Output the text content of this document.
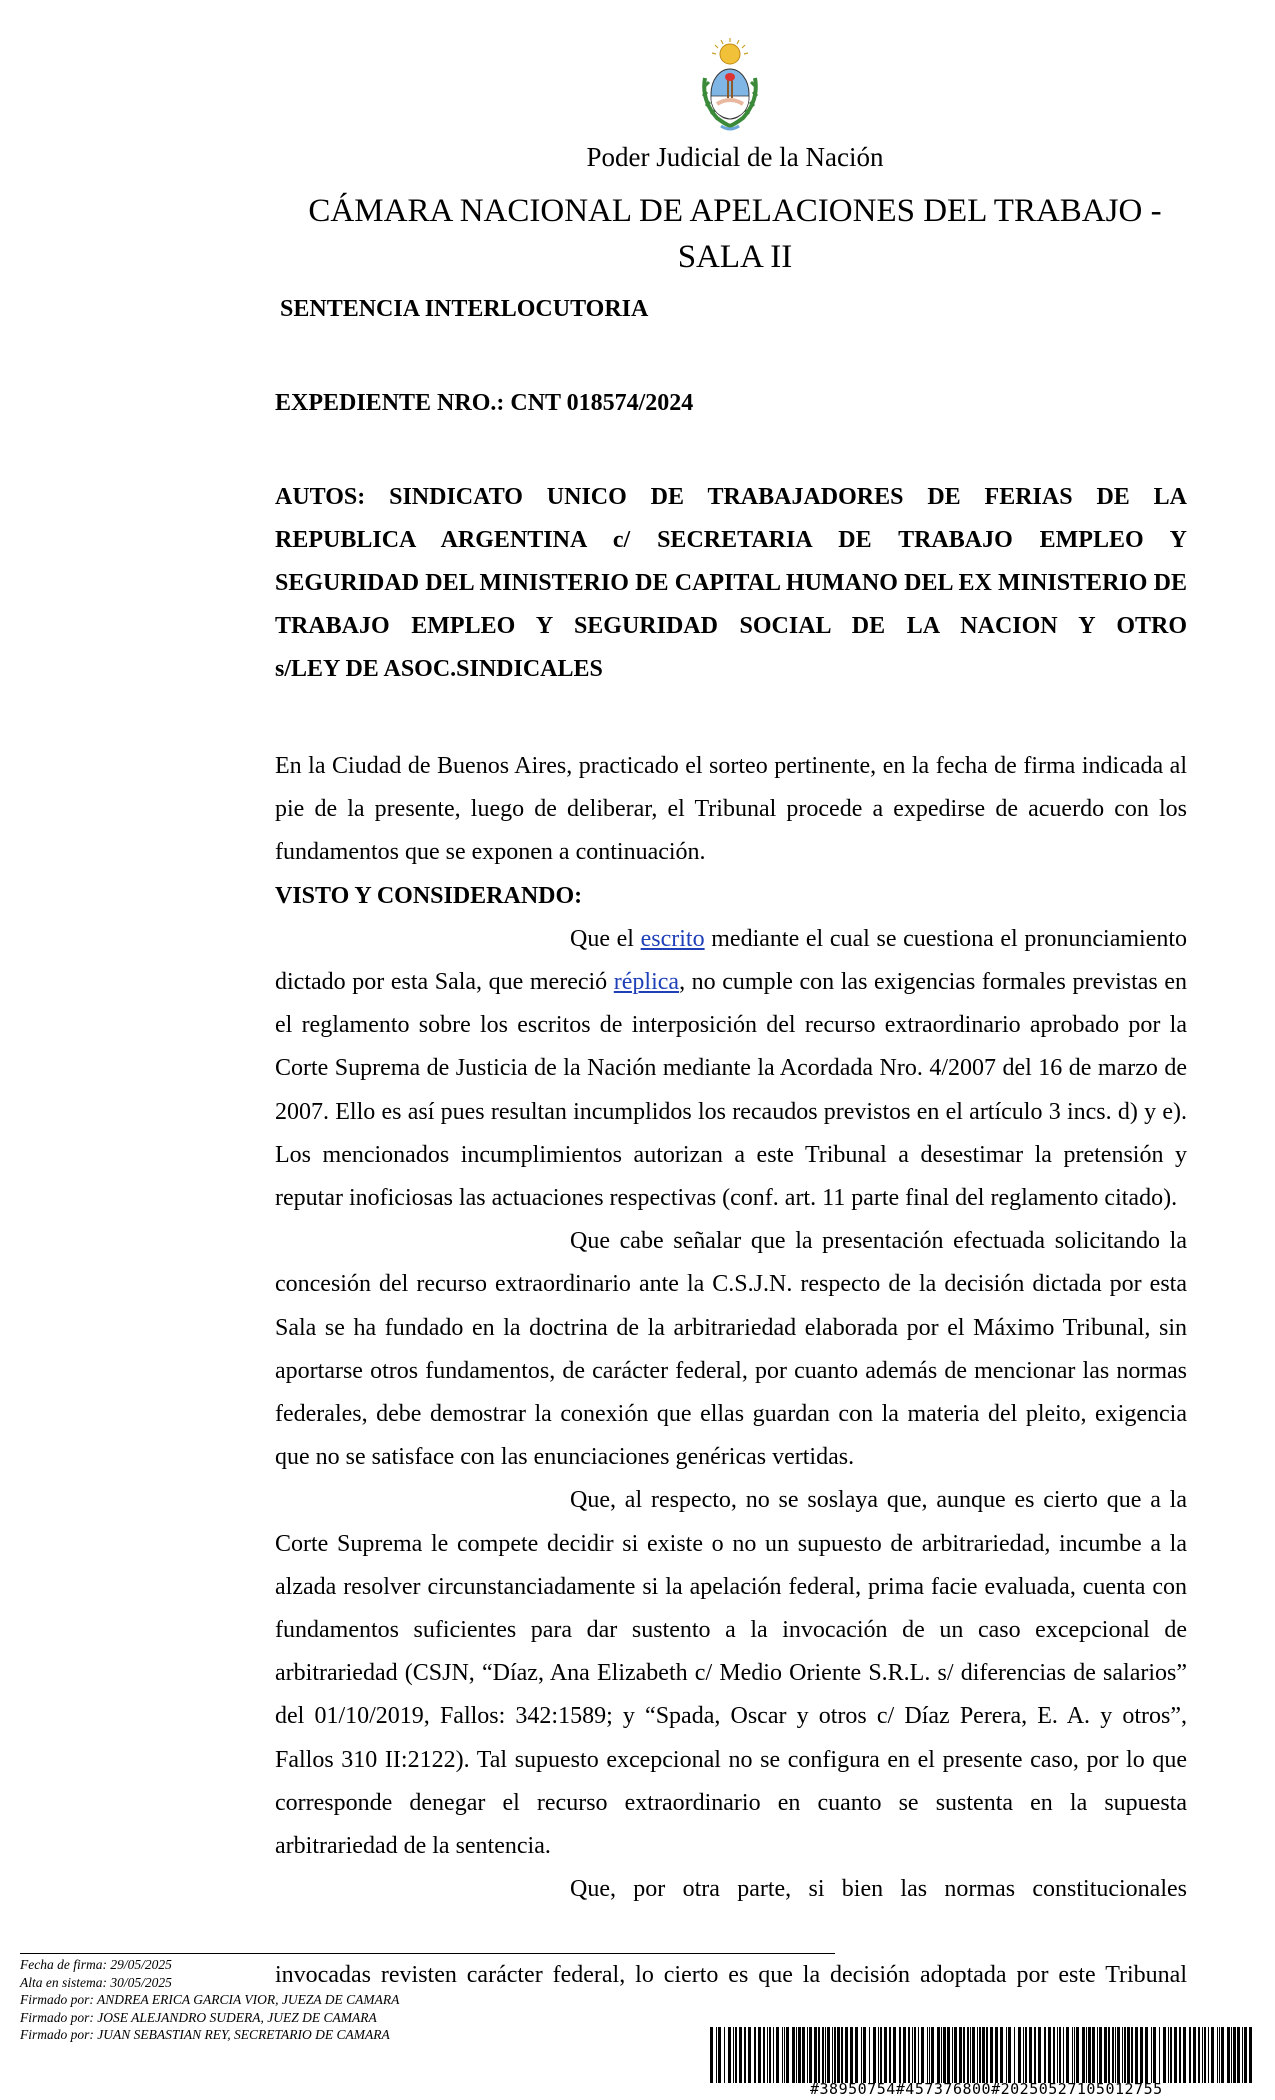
Poder Judicial de la Nación
CÁMARA NACIONAL DE APELACIONES DEL TRABAJO - SALA II
SENTENCIA INTERLOCUTORIA
EXPEDIENTE NRO.: CNT 018574/2024
AUTOS: SINDICATO UNICO DE TRABAJADORES DE FERIAS DE LA REPUBLICA ARGENTINA c/ SECRETARIA DE TRABAJO EMPLEO Y SEGURIDAD DEL MINISTERIO DE CAPITAL HUMANO DEL EX MINISTERIO DE TRABAJO EMPLEO Y SEGURIDAD SOCIAL DE LA NACION Y OTRO
s/LEY DE ASOC.SINDICALES

En la Ciudad de Buenos Aires, practicado el sorteo pertinente, en la fecha de firma indicada al pie de la presente, luego de deliberar, el Tribunal procede a expedirse de acuerdo con los fundamentos que se exponen a continuación.

VISTO Y CONSIDERANDO:

Que el escrito mediante el cual se cuestiona el pronunciamiento dictado por esta Sala, que mereció réplica, no cumple con las exigencias formales previstas en el reglamento sobre los escritos de interposición del recurso extraordinario aprobado por la Corte Suprema de Justicia de la Nación mediante la Acordada Nro. 4/2007 del 16 de marzo de 2007. Ello es así pues resultan incumplidos los recaudos previstos en el artículo 3 incs. d) y e). Los mencionados incumplimientos autorizan a este Tribunal a desestimar la pretensión y reputar inoficiosas las actuaciones respectivas (conf. art. 11 parte final del reglamento citado).

Que cabe señalar que la presentación efectuada solicitando la concesión del recurso extraordinario ante la C.S.J.N. respecto de la decisión dictada por esta Sala se ha fundado en la doctrina de la arbitrariedad elaborada por el Máximo Tribunal, sin aportarse otros fundamentos, de carácter federal, por cuanto además de mencionar las normas federales, debe demostrar la conexión que ellas guardan con la materia del pleito, exigencia que no se satisface con las enunciaciones genéricas vertidas.

Que, al respecto, no se soslaya que, aunque es cierto que a la Corte Suprema le compete decidir si existe o no un supuesto de arbitrariedad, incumbe a la alzada resolver circunstanciadamente si la apelación federal, prima facie evaluada, cuenta con fundamentos suficientes para dar sustento a la invocación de un caso excepcional de arbitrariedad (CSJN, “Díaz, Ana Elizabeth c/ Medio Oriente S.R.L. s/ diferencias de salarios” del 01/10/2019, Fallos: 342:1589; y “Spada, Oscar y otros c/ Díaz Perera, E. A. y otros”, Fallos 310 II:2122). Tal supuesto excepcional no se configura en el presente caso, por lo que corresponde denegar el recurso extraordinario en cuanto se sustenta en la supuesta arbitrariedad de la sentencia.

Que, por otra parte, si bien las normas constitucionales

Fecha de firma: 29/05/2025
Alta en sistema: 30/05/2025
Firmado por: ANDREA ERICA GARCIA VIOR, JUEZA DE CAMARA
Firmado por: JOSE ALEJANDRO SUDERA, JUEZ DE CAMARA
Firmado por: JUAN SEBASTIAN REY, SECRETARIO DE CAMARA
invocadas revisten carácter federal, lo cierto es que la decisión adoptada por este Tribunal
#38950754#457376800#20250527105012755
